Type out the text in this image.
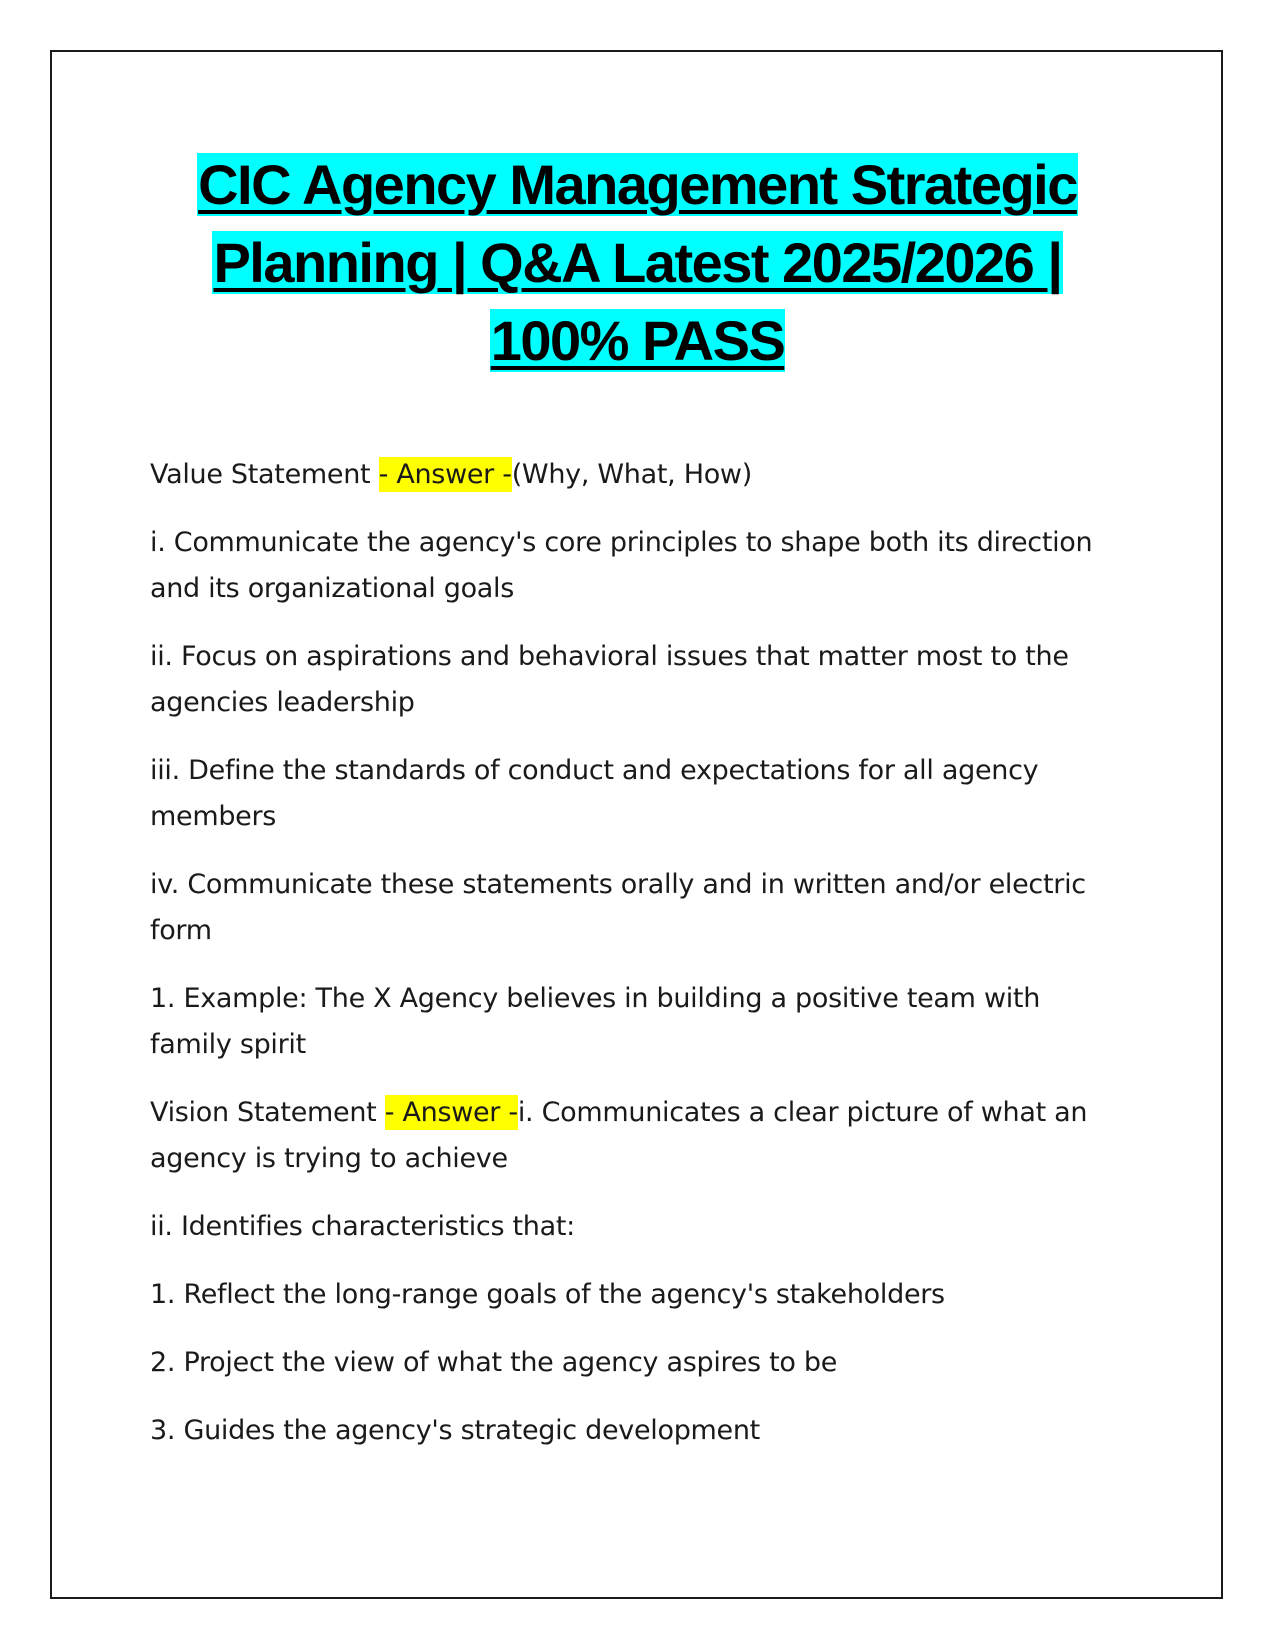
CIC Agency Management Strategic
Planning | Q&A Latest 2025/2026 |
100% PASS

Value Statement - Answer -(Why, What, How)

i. Communicate the agency's core principles to shape both its direction and its organizational goals

ii. Focus on aspirations and behavioral issues that matter most to the agencies leadership

iii. Define the standards of conduct and expectations for all agency members

iv. Communicate these statements orally and in written and/or electric form

1. Example: The X Agency believes in building a positive team with family spirit

Vision Statement - Answer -i. Communicates a clear picture of what an agency is trying to achieve

ii. Identifies characteristics that:

1. Reflect the long-range goals of the agency's stakeholders

2. Project the view of what the agency aspires to be

3. Guides the agency's strategic development
